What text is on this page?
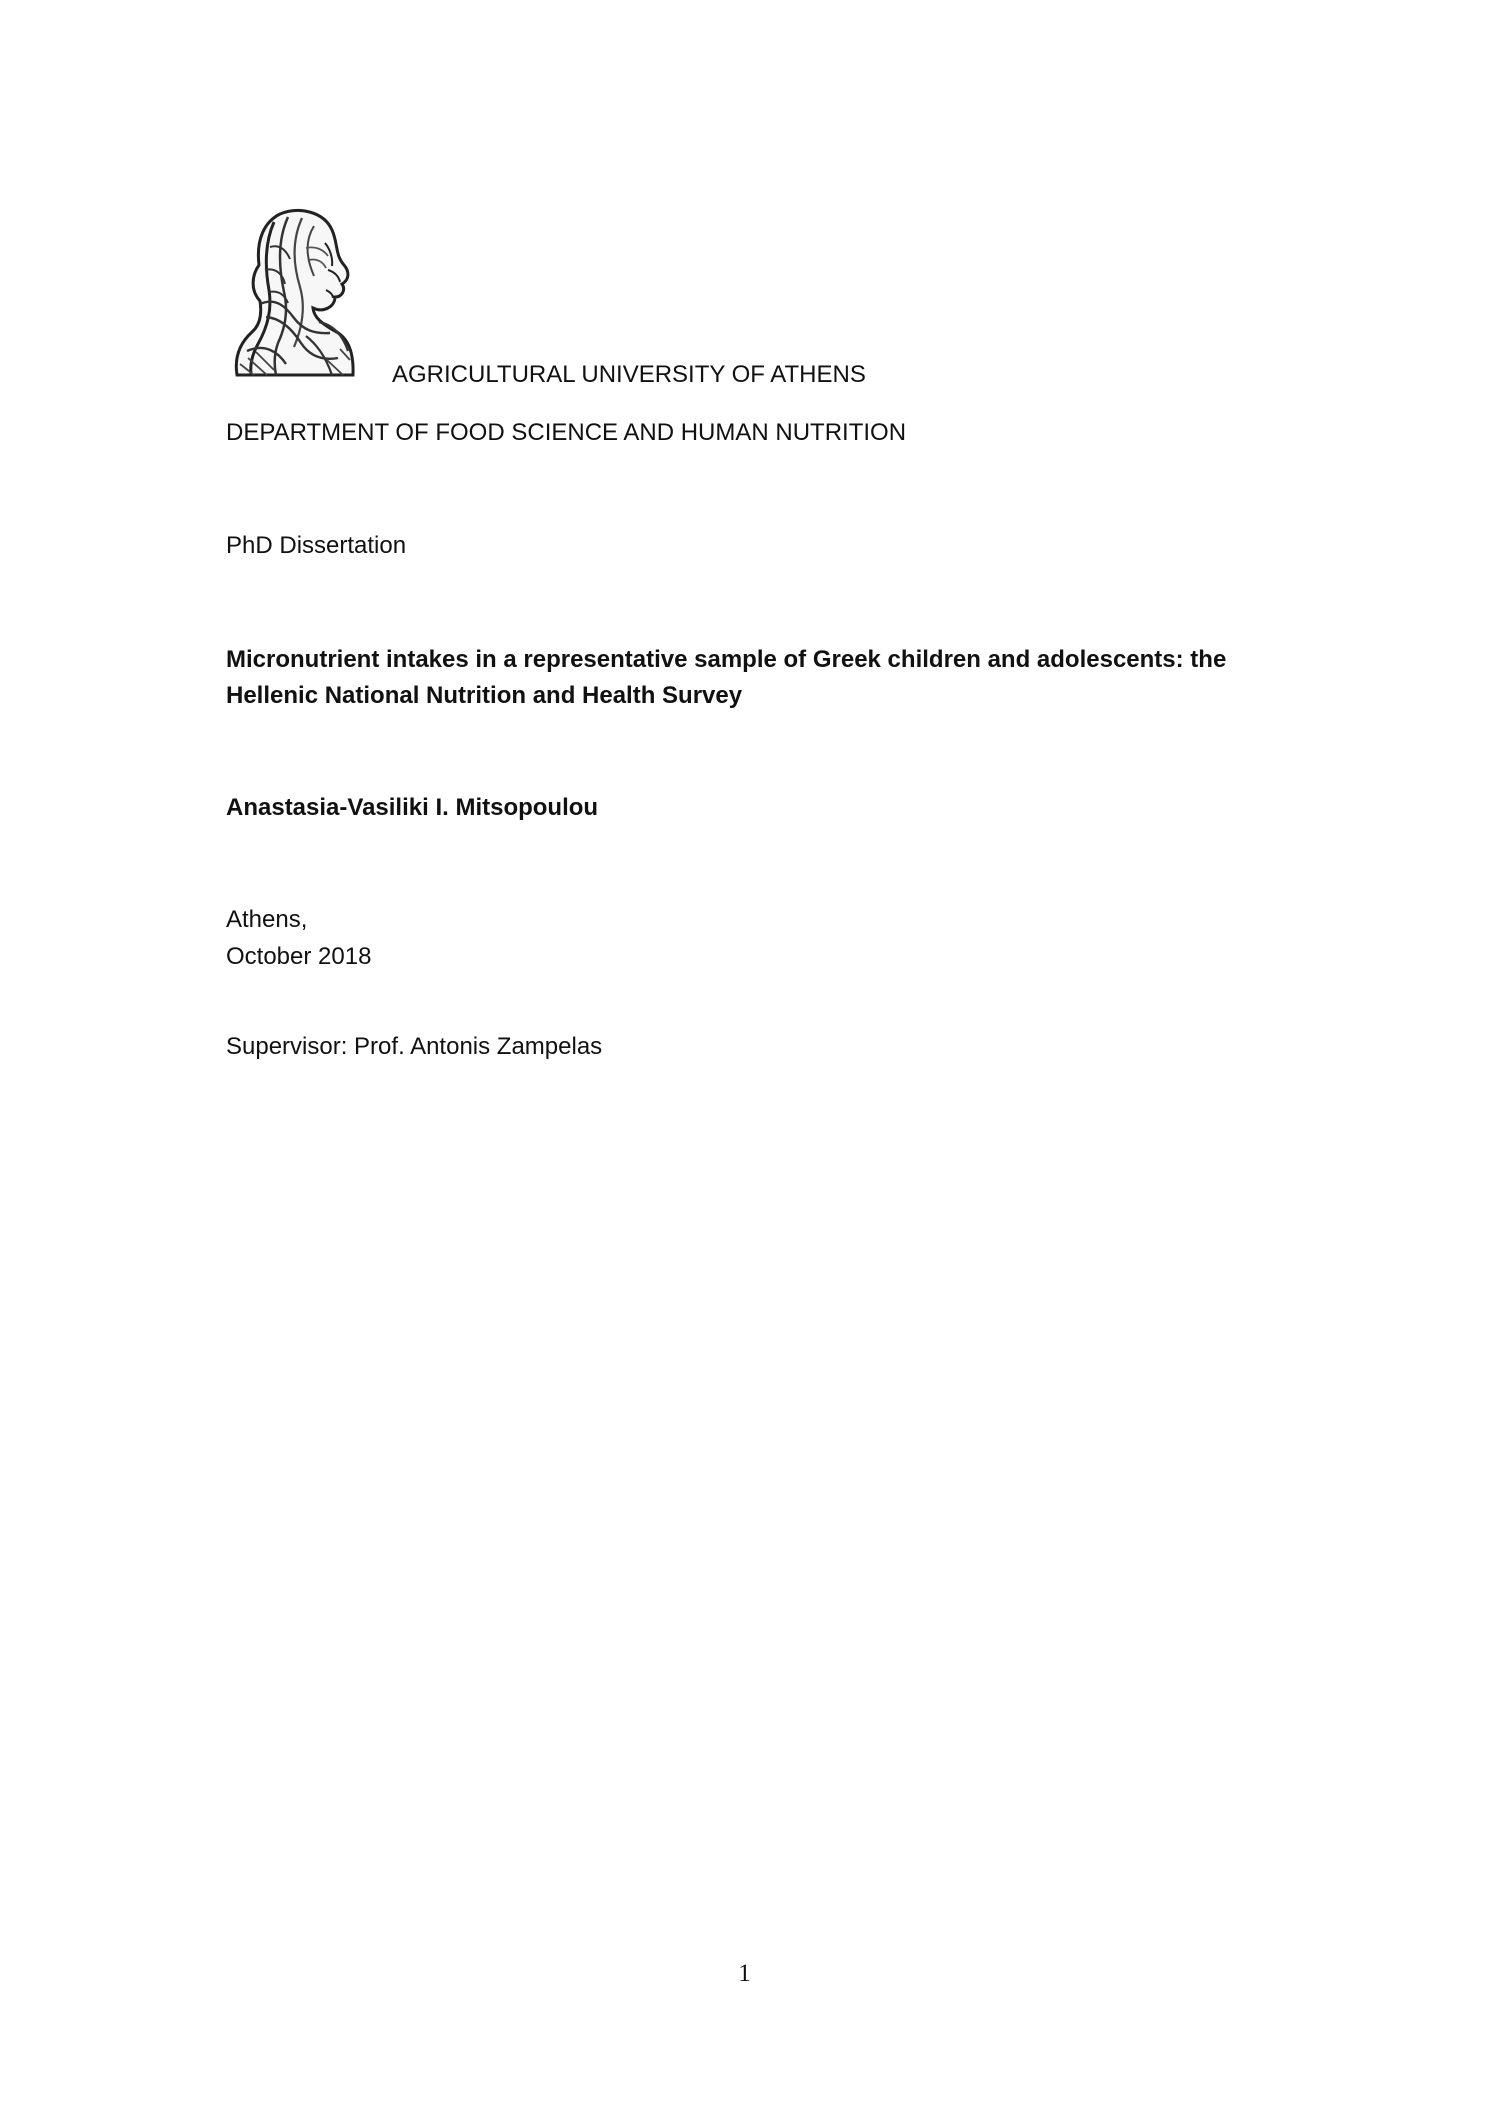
AGRICULTURAL UNIVERSITY OF ATHENS
DEPARTMENT OF FOOD SCIENCE AND HUMAN NUTRITION
PhD Dissertation
Micronutrient intakes in a representative sample of Greek children and adolescents: the
Hellenic National Nutrition and Health Survey
Anastasia-Vasiliki I. Mitsopoulou
Athens,
October 2018
Supervisor: Prof. Antonis Zampelas
1
